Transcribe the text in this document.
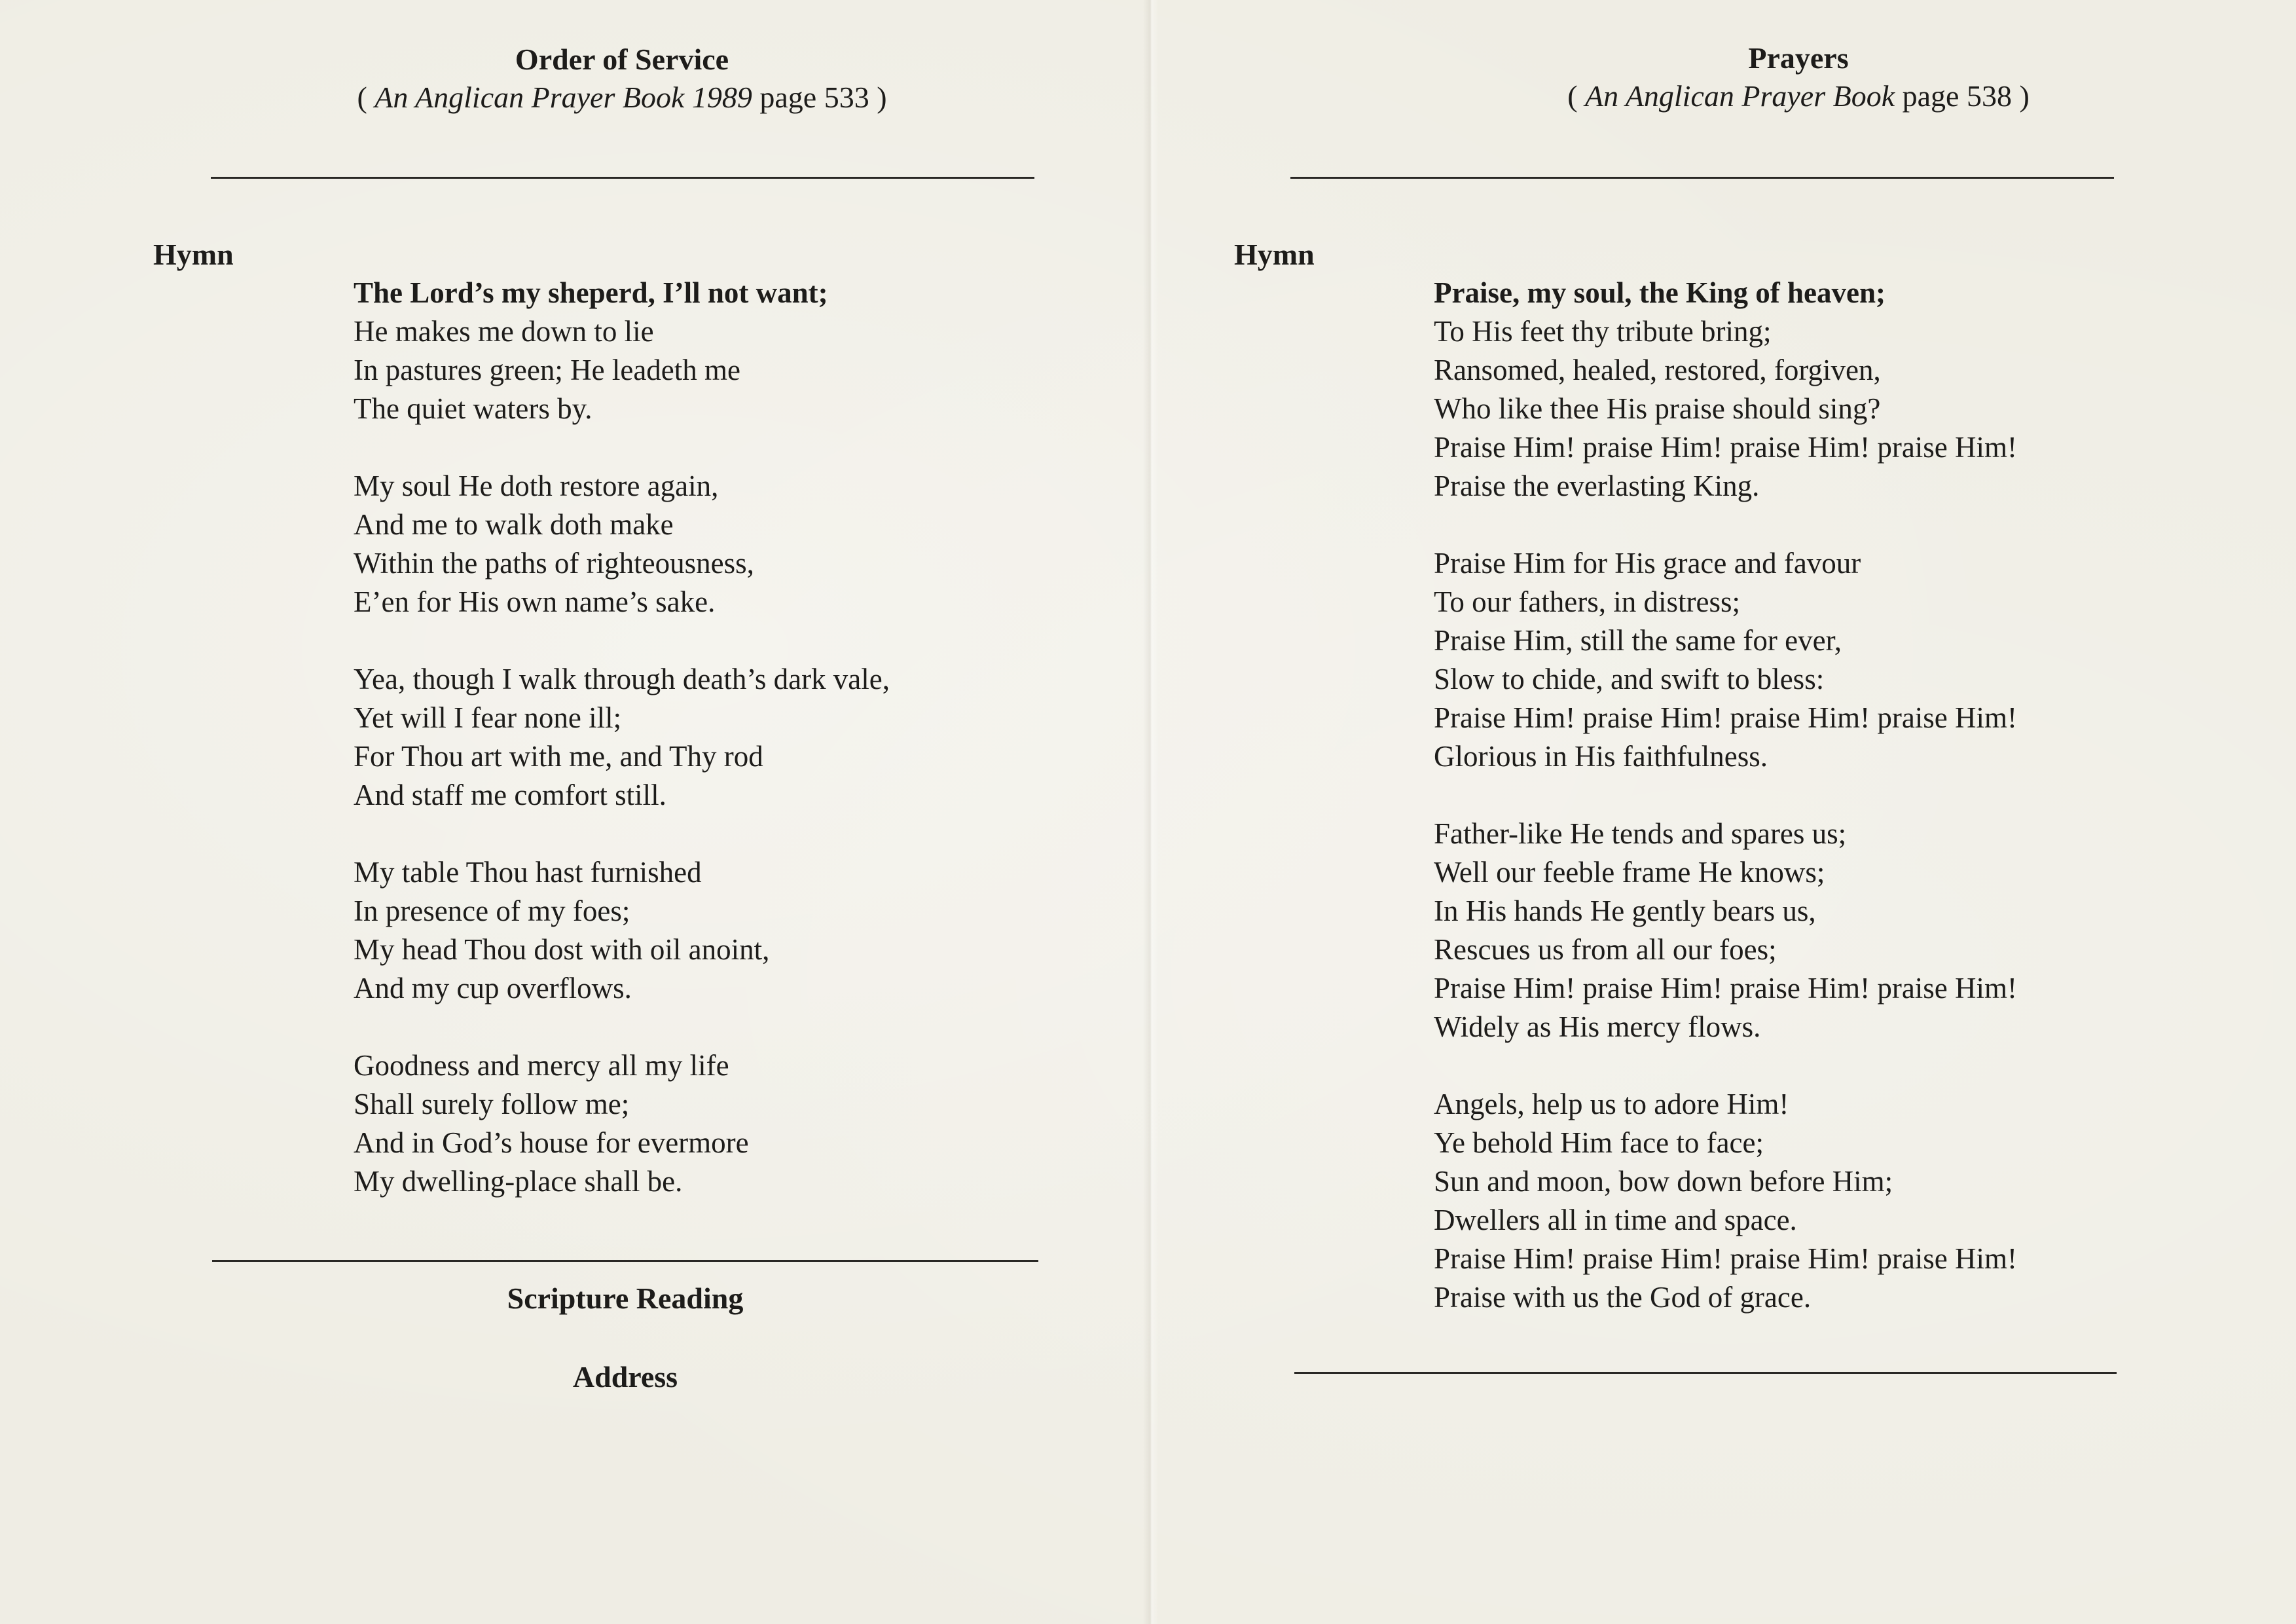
Order of Service
( An Anglican Prayer Book 1989 page 533 )
Hymn
The Lord’s my sheperd, I’ll not want;
He makes me down to lie
In pastures green; He leadeth me
The quiet waters by.
My soul He doth restore again,
And me to walk doth make
Within the paths of righteousness,
E’en for His own name’s sake.
Yea, though I walk through death’s dark vale,
Yet will I fear none ill;
For Thou art with me, and Thy rod
And staff me comfort still.
My table Thou hast furnished
In presence of my foes;
My head Thou dost with oil anoint,
And my cup overflows.
Goodness and mercy all my life
Shall surely follow me;
And in God’s house for evermore
My dwelling-place shall be.
Scripture Reading
Address
Prayers
( An Anglican Prayer Book page 538 )
Hymn
Praise, my soul, the King of heaven;
To His feet thy tribute bring;
Ransomed, healed, restored, forgiven,
Who like thee His praise should sing?
Praise Him! praise Him! praise Him! praise Him!
Praise the everlasting King.
Praise Him for His grace and favour
To our fathers, in distress;
Praise Him, still the same for ever,
Slow to chide, and swift to bless:
Praise Him! praise Him! praise Him! praise Him!
Glorious in His faithfulness.
Father-like He tends and spares us;
Well our feeble frame He knows;
In His hands He gently bears us,
Rescues us from all our foes;
Praise Him! praise Him! praise Him! praise Him!
Widely as His mercy flows.
Angels, help us to adore Him!
Ye behold Him face to face;
Sun and moon, bow down before Him;
Dwellers all in time and space.
Praise Him! praise Him! praise Him! praise Him!
Praise with us the God of grace.
